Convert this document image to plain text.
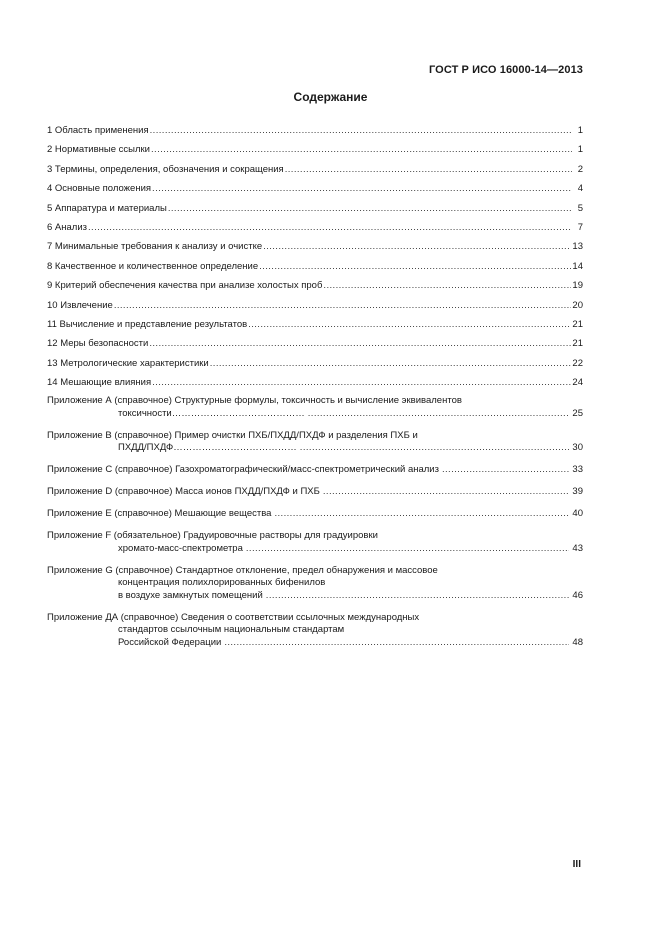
ГОСТ Р ИСО 16000-14—2013
Содержание
1 Область применения .....	1
2 Нормативные ссылки .....	1
3 Термины, определения, обозначения и сокращения .....	2
4 Основные положения .....	4
5 Аппаратура и материалы .....	5
6 Анализ .....	7
7 Минимальные требования к анализу и очистке .....	13
8 Качественное и количественное определение .....	14
9 Критерий обеспечения качества при анализе холостых проб .....	19
10 Извлечение .....	20
11 Вычисление и представление результатов .....	21
12 Меры безопасности .....	21
13 Метрологические характеристики .....	22
14 Мешающие влияния .....	24
Приложение А (справочное) Структурные формулы, токсичность и вычисление эквивалентов
токсичности…………………………………… .....	25
Приложение В (справочное) Пример очистки ПХБ/ПХДД/ПХДФ и разделения ПХБ и
ПХДД/ПХДФ………………………………… .....	30
Приложение С (справочное) Газохроматографический/масс-спектрометрический анализ .....	33
Приложение D (справочное) Масса ионов ПХДД/ПХДФ и ПХБ .....	39
Приложение Е (справочное) Мешающие вещества .....	40
Приложение F (обязательное) Градуировочные растворы для градуировки
хромато-масс-спектрометра .....	43
Приложение G (справочное) Стандартное отклонение, предел обнаружения и массовое
концентрация полихлорированных бифенилов
в воздухе замкнутых помещений .....	46
Приложение ДА (справочное) Сведения о соответствии ссылочных международных
стандартов ссылочным национальным стандартам
Российской Федерации .....	48
III
